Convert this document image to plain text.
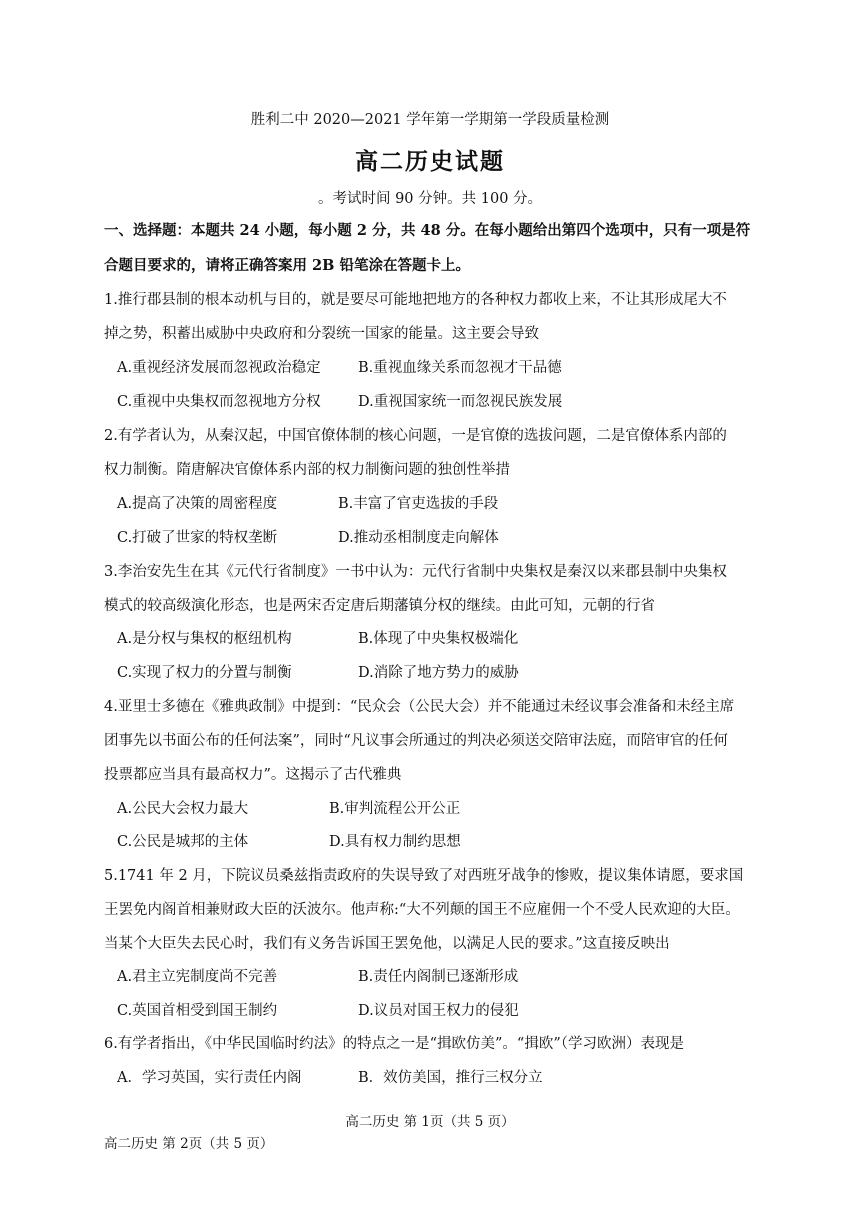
胜利二中 2020—2021 学年第一学期第一学段质量检测
高二历史试题
。考试时间 90 分钟。共 100 分。
一、选择题：本题共 24 小题，每小题 2 分，共 48 分。在每小题给出第四个选项中，只有一项是符
合题目要求的，请将正确答案用 2B 铅笔涂在答题卡上。
1.推行郡县制的根本动机与目的，就是要尽可能地把地方的各种权力都收上来，不让其形成尾大不
掉之势，积蓄出威胁中央政府和分裂统一国家的能量。这主要会导致
A.重视经济发展而忽视政治稳定	B.重视血缘关系而忽视才干品德
C.重视中央集权而忽视地方分权	D.重视国家统一而忽视民族发展
2.有学者认为，从秦汉起，中国官僚体制的核心问题，一是官僚的选拔问题，二是官僚体系内部的
权力制衡。隋唐解决官僚体系内部的权力制衡问题的独创性举措
A.提高了决策的周密程度	B.丰富了官吏选拔的手段
C.打破了世家的特权垄断	D.推动丞相制度走向解体
3.李治安先生在其《元代行省制度》一书中认为：元代行省制中央集权是秦汉以来郡县制中央集权
模式的较高级演化形态，也是两宋否定唐后期藩镇分权的继续。由此可知，元朝的行省
A.是分权与集权的枢纽机构	B.体现了中央集权极端化
C.实现了权力的分置与制衡	D.消除了地方势力的威胁
4.亚里士多德在《雅典政制》中提到：“民众会（公民大会）并不能通过未经议事会准备和未经主席
团事先以书面公布的任何法案”，同时“凡议事会所通过的判决必须送交陪审法庭，而陪审官的任何
投票都应当具有最高权力”。这揭示了古代雅典
A.公民大会权力最大	B.审判流程公开公正
C.公民是城邦的主体	D.具有权力制约思想
5.1741 年 2 月，下院议员桑兹指责政府的失误导致了对西班牙战争的惨败，提议集体请愿，要求国
王罢免内阁首相兼财政大臣的沃波尔。他声称:“大不列颠的国王不应雇佣一个不受人民欢迎的大臣。
当某个大臣失去民心时，我们有义务告诉国王罢免他，以满足人民的要求。”这直接反映出
A.君主立宪制度尚不完善	B.责任内阁制已逐渐形成
C.英国首相受到国王制约	D.议员对国王权力的侵犯
6.有学者指出，《中华民国临时约法》的特点之一是“揖欧仿美”。“揖欧”（学习欧洲）表现是
A．学习英国，实行责任内阁	B．效仿美国，推行三权分立
高二历史 第 1页（共 5 页）
高二历史 第 2页（共 5 页）
